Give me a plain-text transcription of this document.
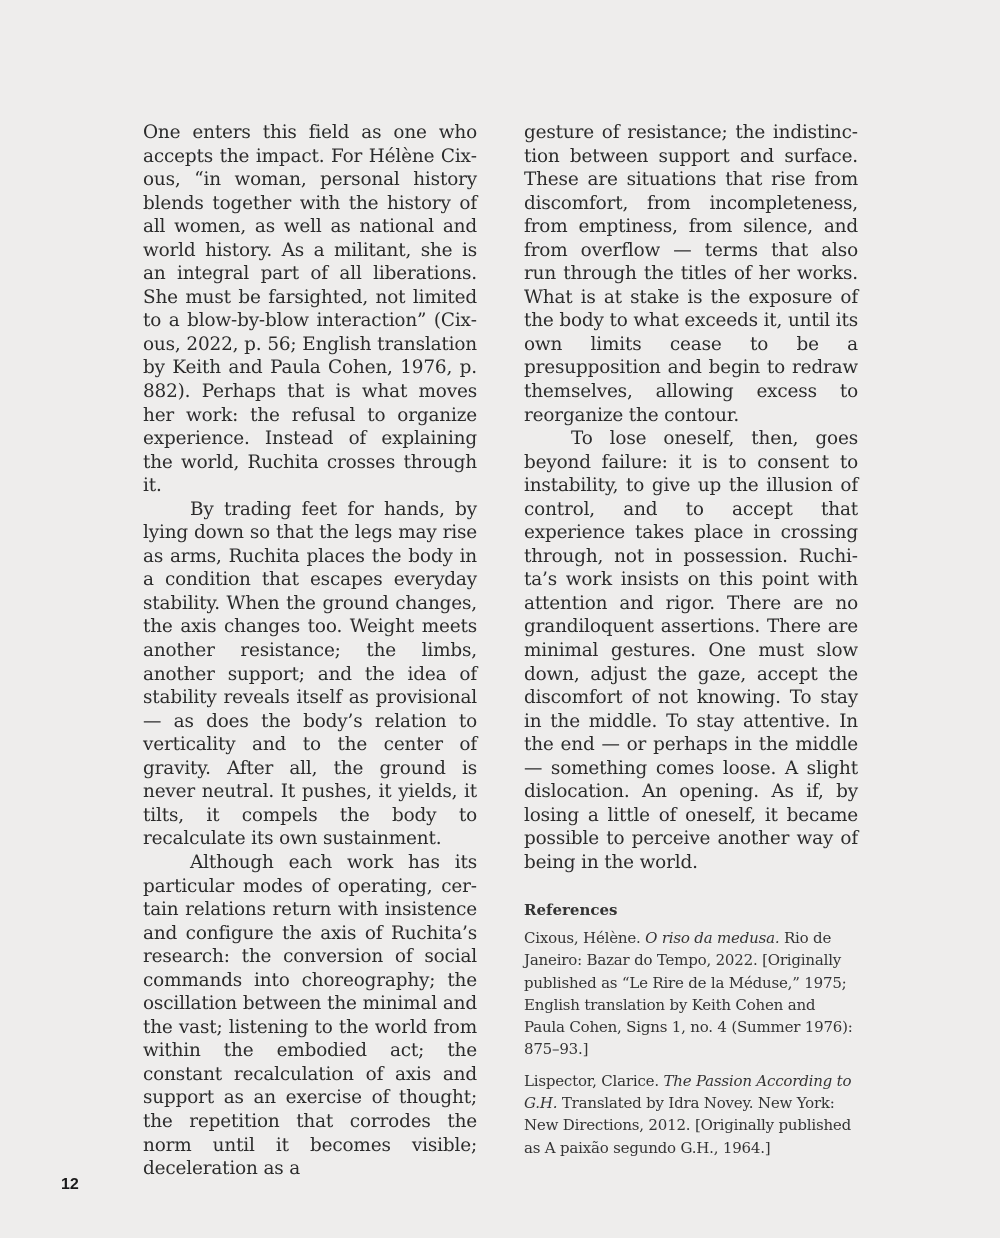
One enters this field as one who accepts the impact. For Hélène Cixous, “in woman, personal history blends together with the history of all women, as well as national and world history. As a militant, she is an integral part of all liberations. She must be farsighted, not limited to a blow-by-blow interaction” (Cixous, 2022, p. 56; English translation by Keith and Paula Cohen, 1976, p. 882). Perhaps that is what moves her work: the refusal to organize experience. Instead of explaining the world, Ruchita crosses through it.

By trading feet for hands, by lying down so that the legs may rise as arms, Ruchita places the body in a condition that escapes everyday stability. When the ground changes, the axis changes too. Weight meets another resistance; the limbs, another support; and the idea of stability reveals itself as provisional — as does the body’s relation to verticality and to the center of gravity. After all, the ground is never neutral. It pushes, it yields, it tilts, it compels the body to recalculate its own sustainment.

Although each work has its particular modes of operating, certain relations return with insistence and configure the axis of Ruchita’s research: the conversion of social commands into choreography; the oscillation between the minimal and the vast; listening to the world from within the embodied act; the constant recalculation of axis and support as an exercise of thought; the repetition that corrodes the norm until it becomes visible; deceleration as a

gesture of resistance; the indistinction between support and surface. These are situations that rise from discomfort, from incompleteness, from emptiness, from silence, and from overflow — terms that also run through the titles of her works. What is at stake is the exposure of the body to what exceeds it, until its own limits cease to be a presupposition and begin to redraw themselves, allowing excess to reorganize the contour.

To lose oneself, then, goes beyond failure: it is to consent to instability, to give up the illusion of control, and to accept that experience takes place in crossing through, not in possession. Ruchita’s work insists on this point with attention and rigor. There are no grandiloquent assertions. There are minimal gestures. One must slow down, adjust the gaze, accept the discomfort of not knowing. To stay in the middle. To stay attentive. In the end — or perhaps in the middle — something comes loose. A slight dislocation. An opening. As if, by losing a little of oneself, it became possible to perceive another way of being in the world.

References

Cixous, Hélène. O riso da medusa. Rio de Janeiro: Bazar do Tempo, 2022. [Originally published as “Le Rire de la Méduse,” 1975; English translation by Keith Cohen and Paula Cohen, Signs 1, no. 4 (Summer 1976): 875–93.]

Lispector, Clarice. The Passion According to G.H. Translated by Idra Novey. New York: New Directions, 2012. [Originally published as A paixão segundo G.H., 1964.]

12
